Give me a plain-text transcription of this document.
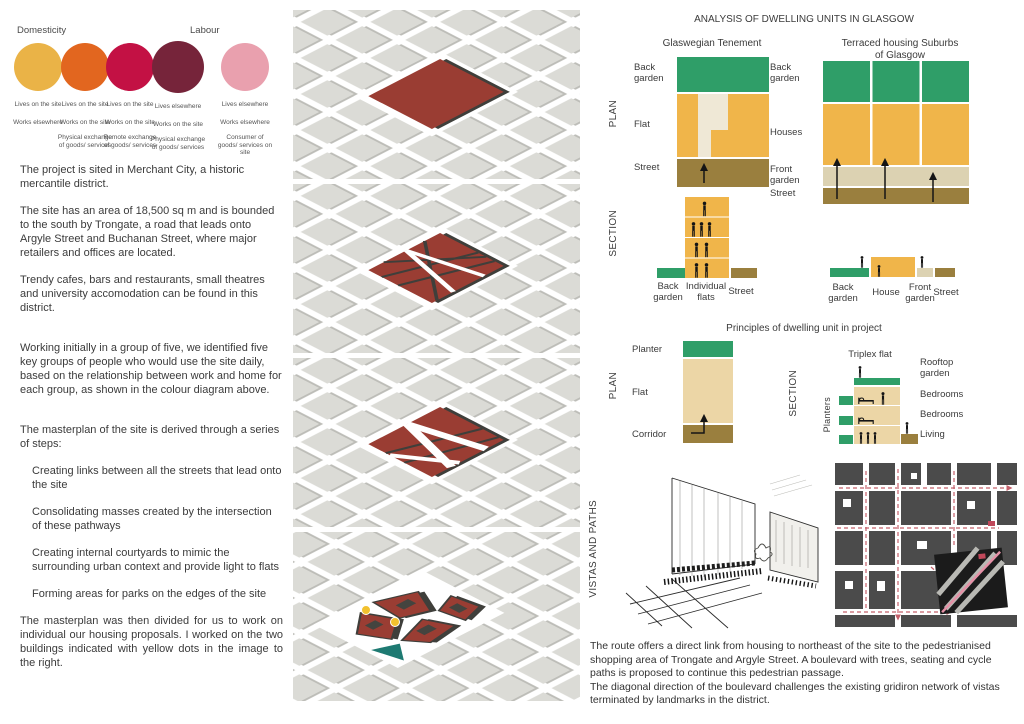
Domesticity	Labour
Lives on the site
Works elsewhere
Lives on the site
Works on the site
Physical exchange of goods/ services
Lives on the site
Works on the site
Remote exchange of goods/ services
Lives elsewhere
Works on the site
Physical exchange of goods/ services
Lives elsewhere
Works elsewhere
Consumer of goods/ services on site

The project is sited in Merchant City, a historic mercantile district.

The site has an area of 18,500 sq m and is bounded to the south by Trongate, a road that leads onto Argyle Street and Buchanan Street, where major retailers and offices are located.

Trendy cafes, bars and restaurants, small theatres and university accomodation can be found in this district.

Working initially in a group of five, we identified five key groups of people who would use the site daily, based on the relationship between work and home for each group, as shown in the colour diagram above.

The masterplan of the site is derived through a series of steps:

Creating links between all the streets that lead onto the site

Consolidating masses created by the intersection of these pathways

Creating internal courtyards to mimic the surrounding urban context and provide light to flats

Forming areas for parks on the edges of the site

The masterplan was then divided for us to work on individual our housing proposals. I worked on the two buildings indicated with yellow dots in the image to the right.

ANALYSIS OF DWELLING UNITS IN GLASGOW
Glaswegian Tenement	Terraced housing Suburbs of Glasgow
PLAN
Back garden
Flat
Street
Back garden
Houses
Front garden
Street
SECTION
Back garden
Individual flats	Street	Back garden	House Front garden
Street
Principles of dwelling unit in project
PLAN
Planter
Flat
Corridor
SECTION
Triplex flat
Planters
Rooftop garden
Bedrooms
Bedrooms
Living
VISTAS AND PATHS

The route offers a direct link from housing to northeast of the site to the pedestrianised shopping area of Trongate and Argyle Street. A boulevard with trees, seating and cycle paths is proposed to continue this pedestrian passage.

The diagonal direction of the boulevard challenges the existing gridiron network of vistas terminated by landmarks in the district.
